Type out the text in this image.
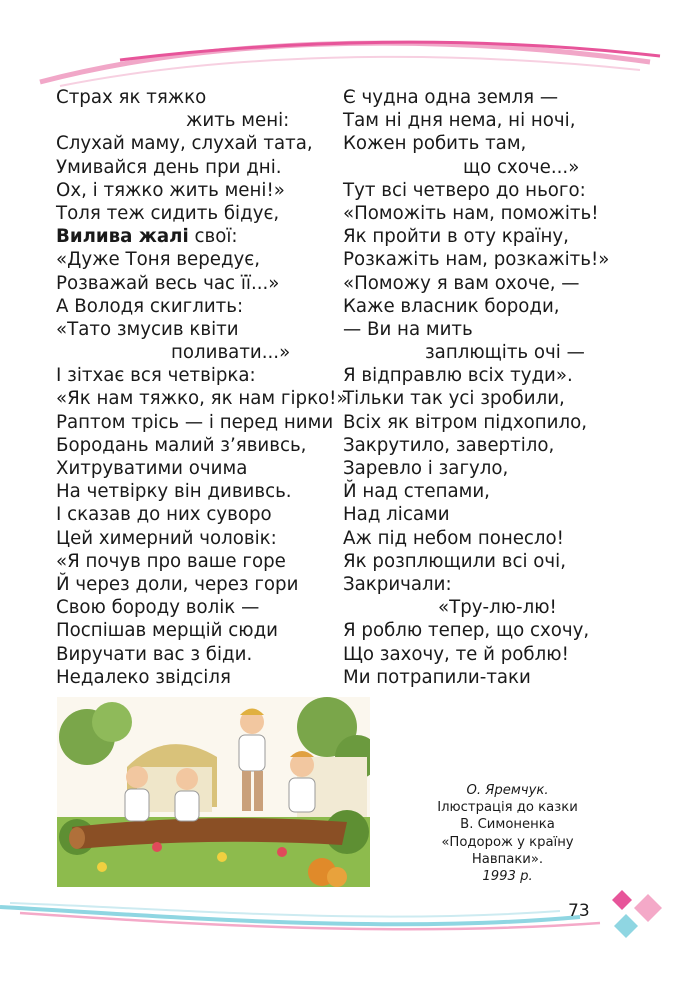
Страх як тяжко
жить мені:
Слухай маму, слухай тата,
Умивайся день при дні.
Ох, і тяжко жить мені!»
Толя теж сидить бідує,
Вилива жалі свої:
«Дуже Тоня вередує,
Розважай весь час її...»
А Володя скиглить:
«Тато змусив квіти
поливати...»
І зітхає вся четвірка:
«Як нам тяжко, як нам гірко!»
Раптом трісь — і перед ними
Бородань малий з’явивсь,
Хитруватими очима
На четвірку він дививсь.
І сказав до них суворо
Цей химерний чоловік:
«Я почув про ваше горе
Й через доли, через гори
Свою бороду волік —
Поспішав мерщій сюди
Виручати вас з біди.
Недалеко звідсіля
Є чудна одна земля —
Там ні дня нема, ні ночі,
Кожен робить там,
що схоче...»
Тут всі четверо до нього:
«Поможіть нам, поможіть!
Як пройти в оту країну,
Розкажіть нам, розкажіть!»
«Поможу я вам охоче, —
Каже власник бороди,
— Ви на мить
заплющіть очі —
Я відправлю всіх туди».
Тільки так усі зробили,
Всіх як вітром підхопило,
Закрутило, завертіло,
Заревло і загуло,
Й над степами,
Над лісами
Аж під небом понесло!
Як розплющили всі очі,
Закричали:
«Тру-лю-лю!
Я роблю тепер, що схочу,
Що захочу, те й роблю!
Ми потрапили-таки
О. Яремчук.
Ілюстрація до казки
В. Симоненка
«Подорож у країну
Навпаки».
1993 р.
73
